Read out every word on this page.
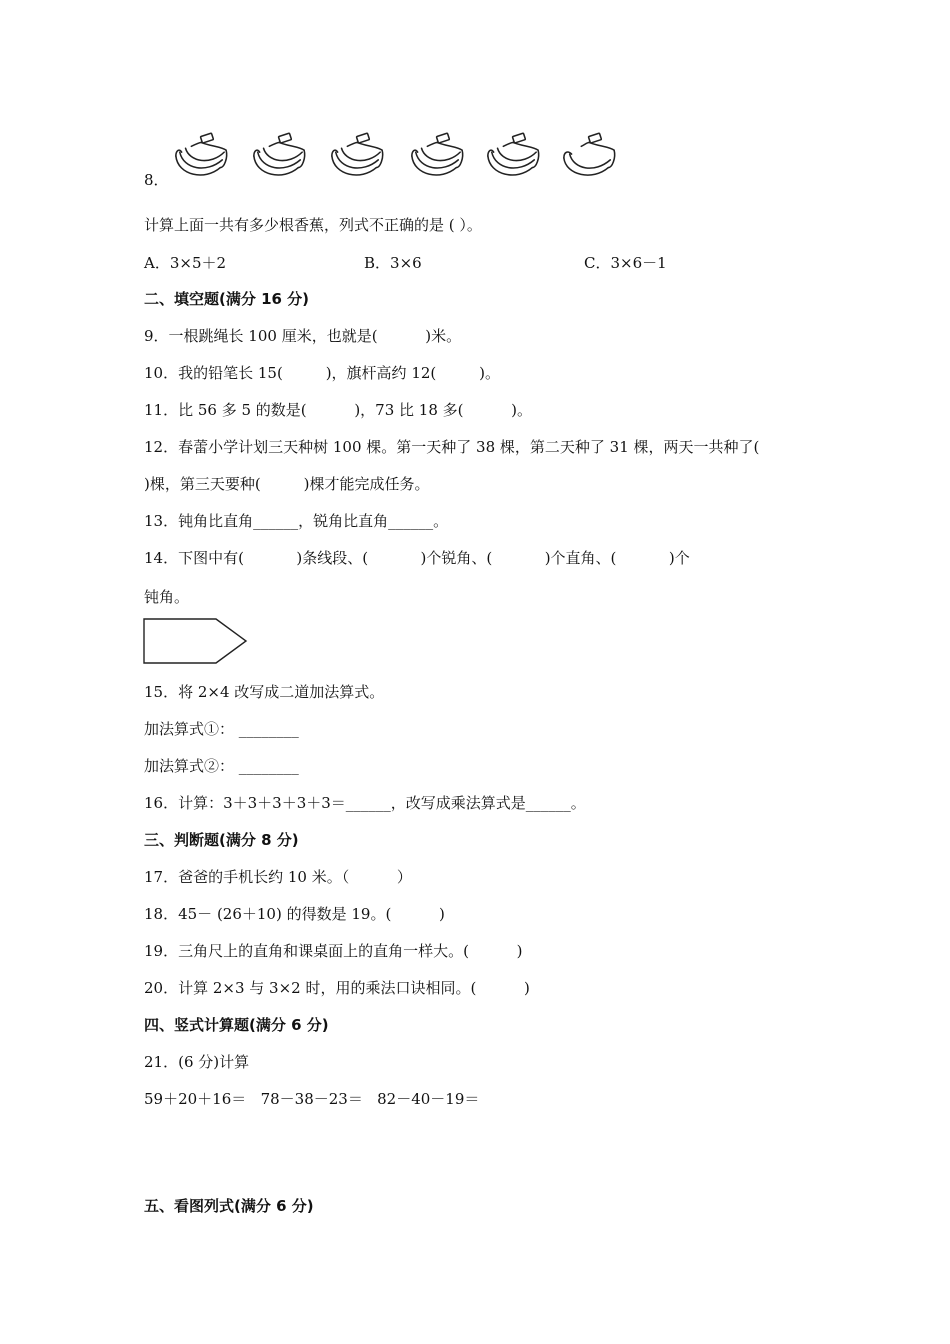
8．
计算上面一共有多少根香蕉，列式不正确的是 ( ）。
A．3×5＋2	B．3×6	C．3×6－1
二、填空题(满分 16 分)
9．一根跳绳长 100 厘米，也就是(          )米。
10．我的铅笔长 15(         )，旗杆高约 12(         )。
11．比 56 多 5 的数是(          )，73 比 18 多(          )。
12．春蕾小学计划三天种树 100 棵。第一天种了 38 棵，第二天种了 31 棵，两天一共种了(
)棵，第三天要种(         )棵才能完成任务。
13．钝角比直角______，锐角比直角______。
14．下图中有(           )条线段、(           )个锐角、(           )个直角、(           )个
钝角。
15．将 2×4 改写成二道加法算式。
加法算式①： ________
加法算式②： ________
16．计算：3＋3＋3＋3＋3＝______，改写成乘法算式是______。
三、判断题(满分 8 分)
17．爸爸的手机长约 10 米。（          ）
18．45－ (26＋10) 的得数是 19。(          )
19．三角尺上的直角和课桌面上的直角一样大。(          )
20．计算 2×3 与 3×2 时，用的乘法口诀相同。(          )
四、竖式计算题(满分 6 分)
21．(6 分)计算
59＋20＋16＝   78－38－23＝   82－40－19＝
五、看图列式(满分 6 分)
